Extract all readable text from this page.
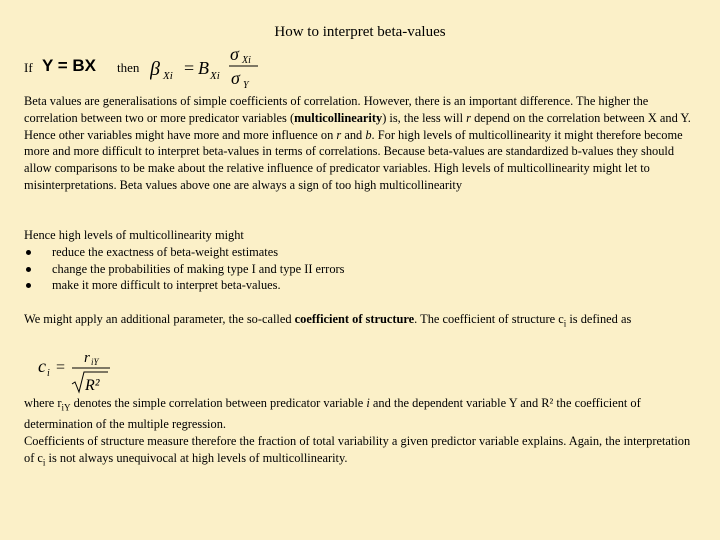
How to interpret beta-values
If Y = BX then β Xi = B Xi
σ Xi
σ Y
Beta values are generalisations of simple coefficients of correlation. However, there is an important difference. The higher the correlation between two or more predicator variables (multicollinearity) is, the less will r depend on the correlation between X and Y. Hence other variables might have more and more influence on r and b. For high levels of multicollinearity it might therefore become more and more difficult to interpret beta-values in terms of correlations. Because beta-values are standardized b-values they should allow comparisons to be make about the relative influence of predicator variables. High levels of multicollinearity might let to misinterpretations. Beta values above one are always a sign of too high multicollinearity
Hence high levels of multicollinearity might
reduce the exactness of beta-weight estimates
change the probabilities of making type I and type II errors
make it more difficult to interpret beta-values.
We might apply an additional parameter, the so-called coefficient of structure. The coefficient of structure $c_i$ is defined as
c i =
r iY
R²
where $r_{iY}$ denotes the simple correlation between predicator variable i and the dependent variable Y and R² the coefficient of determination of the multiple regression.
Coefficients of structure measure therefore the fraction of total variability a given predictor variable explains. Again, the interpretation of $c_i$ is not always unequivocal at high levels of multicollinearity.
